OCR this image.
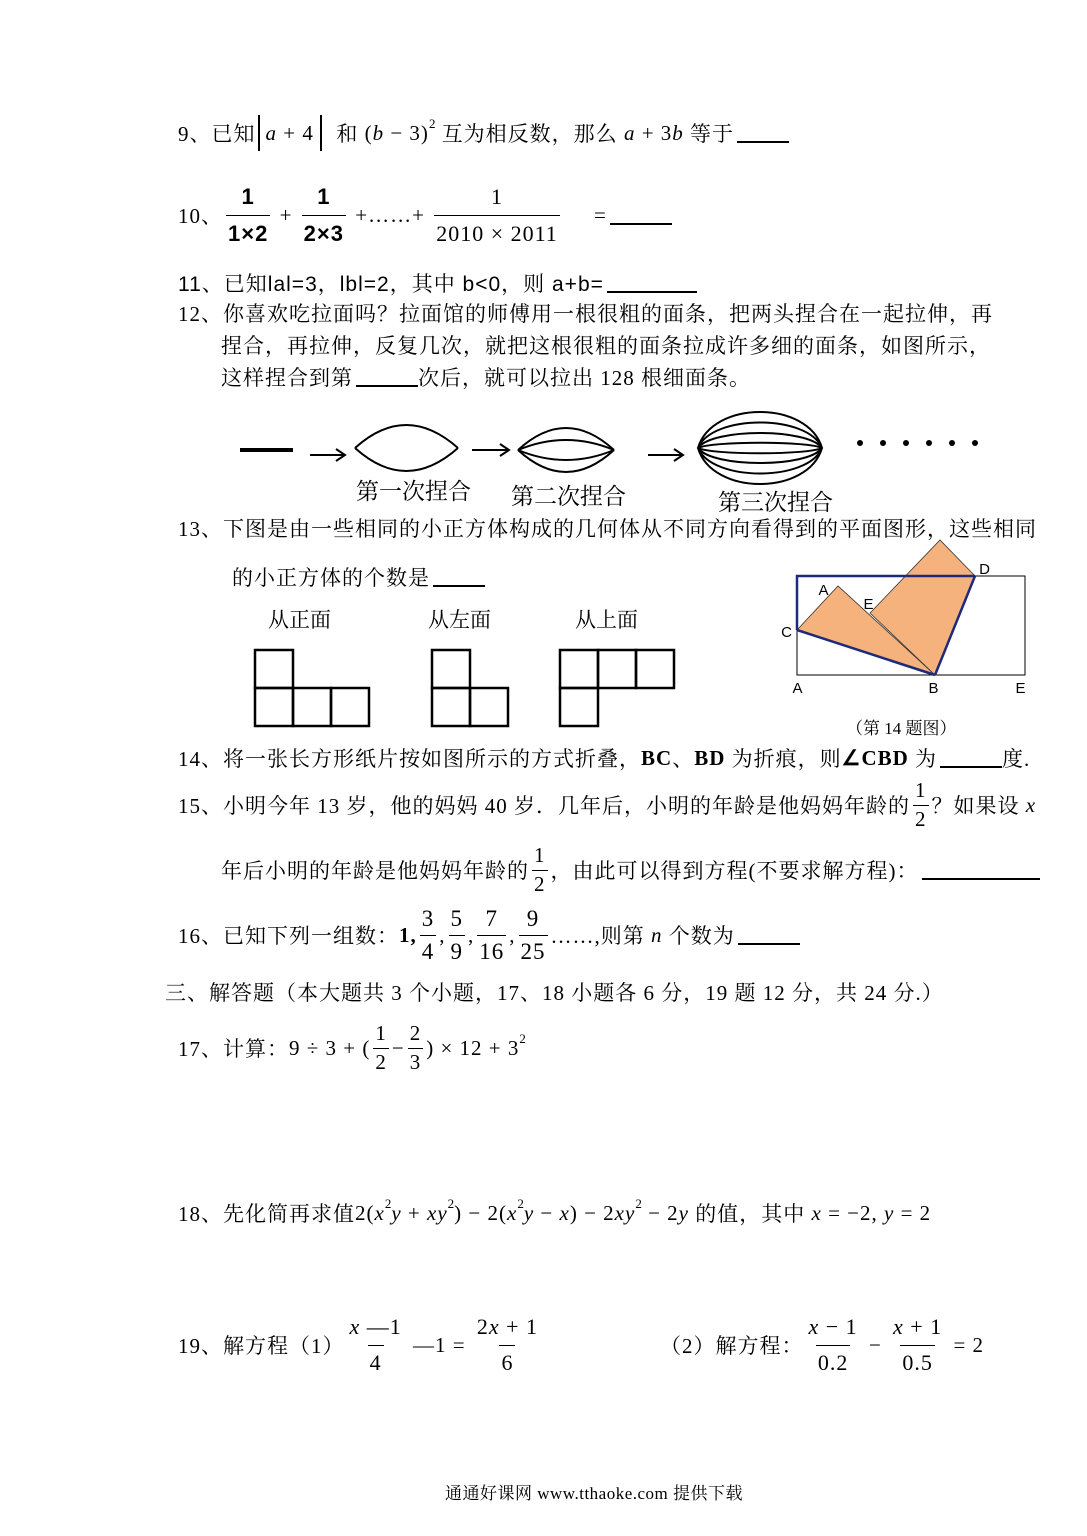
A
E
D
C
A	B	E
9、已知 a + 4 和 ( b − 3) 2 互为相反数，那么 a + 3 b 等于
10、 $\frac{1}{1\times 2} + \frac{1}{2\times 3}$ +……+ $\frac{1}{2010 \times 2011}$ =
11、已知lal=3，lbl=2，其中 b<0，则 a+b=
12、你喜欢吃拉面吗？拉面馆的师傅用一根很粗的面条，把两头捏合在一起拉伸，再
捏合，再拉伸，反复几次，就把这根很粗的面条拉成许多细的面条，如图所示，
这样捏合到第	次后，就可以拉出 128 根细面条。
第一次捏合 第二次捏合	第三次捏合
13、下图是由一些相同的小正方体构成的几何体从不同方向看得到的平面图形，这些相同
的小正方体的个数是
从正面	从左面	从上面
（第 14 题图）
14、将一张长方形纸片按如图所示的方式折叠， BC 、 BD 为折痕，则 ∠CBD 为	度.
15、小明今年 13 岁，他的妈妈 40 岁．几年后，小明的年龄是他妈妈年龄的 $\frac{1}{2}$ ？如果设 x
年后小明的年龄是他妈妈年龄的 $\frac{1}{2}$ ，由此可以得到方程(不要求解方程)：
16、已知下列一组数： 1, $\frac{3}{4}$ , $\frac{5}{9}$ , $\frac{7}{16}$ , $\frac{9}{25}$ ……,则第 n 个数为
三、解答题（本大题共 3 个小题，17、18 小题各 6 分，19 题 12 分，共 24 分.）
17、计算： 9 ÷ 3 + ( $\frac{1}{2} - \frac{2}{3}$ ) × 12 + 3 2
18、先化简再求值 2( x 2 y + xy 2 ) − 2( x 2 y − x ) − 2 xy 2 − 2 y 的值，其中 x = −2, y = 2
19、解方程$(1) \frac{x —1}{4}$ —1 = $\frac{2 x + 1}{6}$	（2）解方程： $\frac{x - 1}{0.2} - \frac{x + 1}{0.5} = 2$
通通好课网 www.tthaoke.com 提供下载
